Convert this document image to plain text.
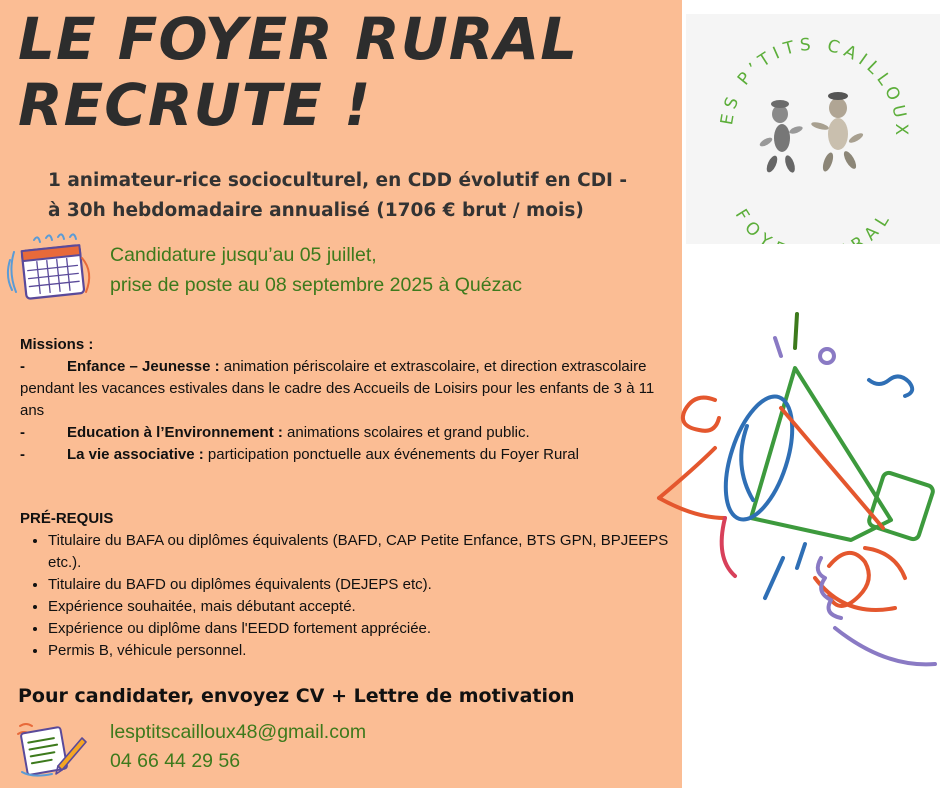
LE FOYER RURAL
RECRUTE !
1 animateur-rice socioculturel, en CDD évolutif en CDI -
à 30h hebdomadaire annualisé (1706 € brut / mois)
Candidature jusqu’au 05 juillet,
prise de poste au 08 septembre 2025 à Quézac
Missions :
-	Enfance – Jeunesse : animation périscolaire et extrascolaire, et direction extrascolaire pendant les vacances estivales dans le cadre des Accueils de Loisirs pour les enfants de 3 à 11 ans
-	Education à l’Environnement : animations scolaires et grand public.
-	La vie associative : participation ponctuelle aux événements du Foyer Rural
PRÉ-REQUIS
• Titulaire du BAFA ou diplômes équivalents (BAFD, CAP Petite Enfance, BTS GPN, BPJEEPS etc.).
• Titulaire du BAFD ou diplômes équivalents (DEJEPS etc).
• Expérience souhaitée, mais débutant accepté.
• Expérience ou diplôme dans l'EEDD fortement appréciée.
• Permis B, véhicule personnel.
Pour candidater, envoyez CV + Lettre de motivation
lesptitscailloux48@gmail.com
04 66 44 29 56
ES P’TITS CAILLOUX
FOY RAL
